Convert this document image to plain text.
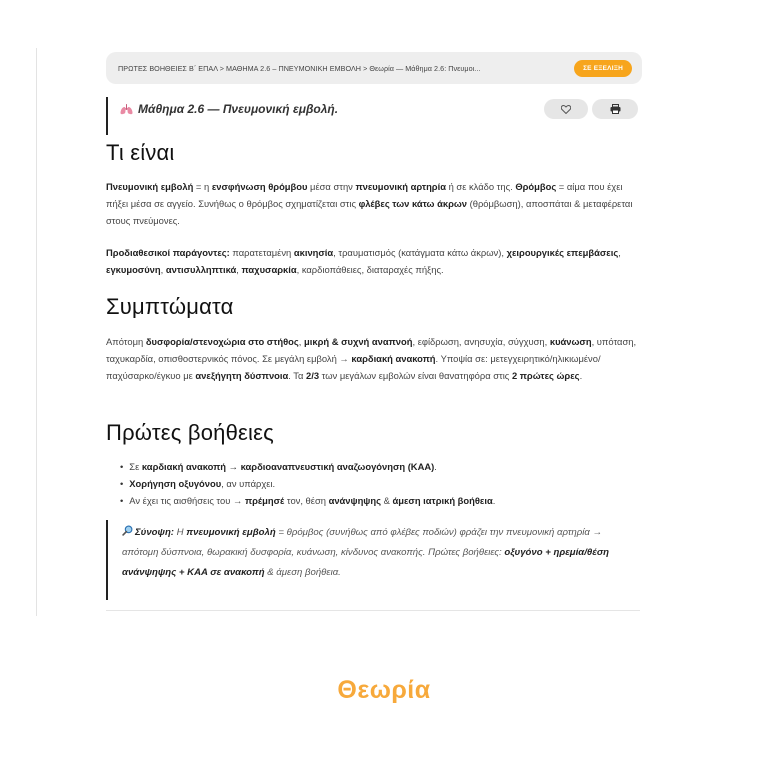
ΠΡΩΤΕΣ ΒΟΗΘΕΙΕΣ Β΄ ΕΠΑΛ > ΜΑΘΗΜΑ 2.6 – ΠΝΕΥΜΟΝΙΚΗ ΕΜΒΟΛΗ > Θεωρία — Μάθημα 2.6: Πνευμοι...	ΣΕ ΕΞΕΛΙΞΗ
Μάθημα 2.6 — Πνευμονική εμβολή.
Τι είναι

Πνευμονική εμβολή = η ενσφήνωση θρόμβου μέσα στην πνευμονική αρτηρία ή σε κλάδο της. Θρόμβος = αίμα που έχει πήξει μέσα σε αγγείο. Συνήθως ο θρόμβος σχηματίζεται στις φλέβες των κάτω άκρων (θρόμβωση), αποσπάται & μεταφέρεται στους πνεύμονες.

Προδιαθεσικοί παράγοντες: παρατεταμένη ακινησία, τραυματισμός (κατάγματα κάτω άκρων), χειρουργικές επεμβάσεις, εγκυμοσύνη, αντισυλληπτικά, παχυσαρκία, καρδιοπάθειες, διαταραχές πήξης.

Συμπτώματα

Απότομη δυσφορία/στενοχώρια στο στήθος, μικρή & συχνή αναπνοή, εφίδρωση, ανησυχία, σύγχυση, κυάνωση, υπόταση, ταχυκαρδία, οπισθοστερνικός πόνος. Σε μεγάλη εμβολή → καρδιακή ανακοπή. Υποψία σε: μετεγχειρητικό/ηλικιωμένο/παχύσαρκο/έγκυο με ανεξήγητη δύσπνοια. Τα 2/3 των μεγάλων εμβολών είναι θανατηφόρα στις 2 πρώτες ώρες.

Πρώτες βοήθειες
• Σε καρδιακή ανακοπή → καρδιοαναπνευστική αναζωογόνηση (ΚΑΑ).
• Χορήγηση οξυγόνου, αν υπάρχει.
• Αν έχει τις αισθήσεις του → πρέμησέ τον, θέση ανάνψηψης & άμεση ιατρική βοήθεια.
Σύνοψη: Η πνευμονική εμβολή = θρόμβος (συνήθως από φλέβες ποδιών) φράζει την πνευμονική αρτηρία → απότομη δύσπνοια, θωρακική δυσφορία, κυάνωση, κίνδυνος ανακοπής. Πρώτες βοήθειες: οξυγόνο + ηρεμία/θέση ανάνψηψης + ΚΑΑ σε ανακοπή & άμεση βοήθεια.
Θεωρία
